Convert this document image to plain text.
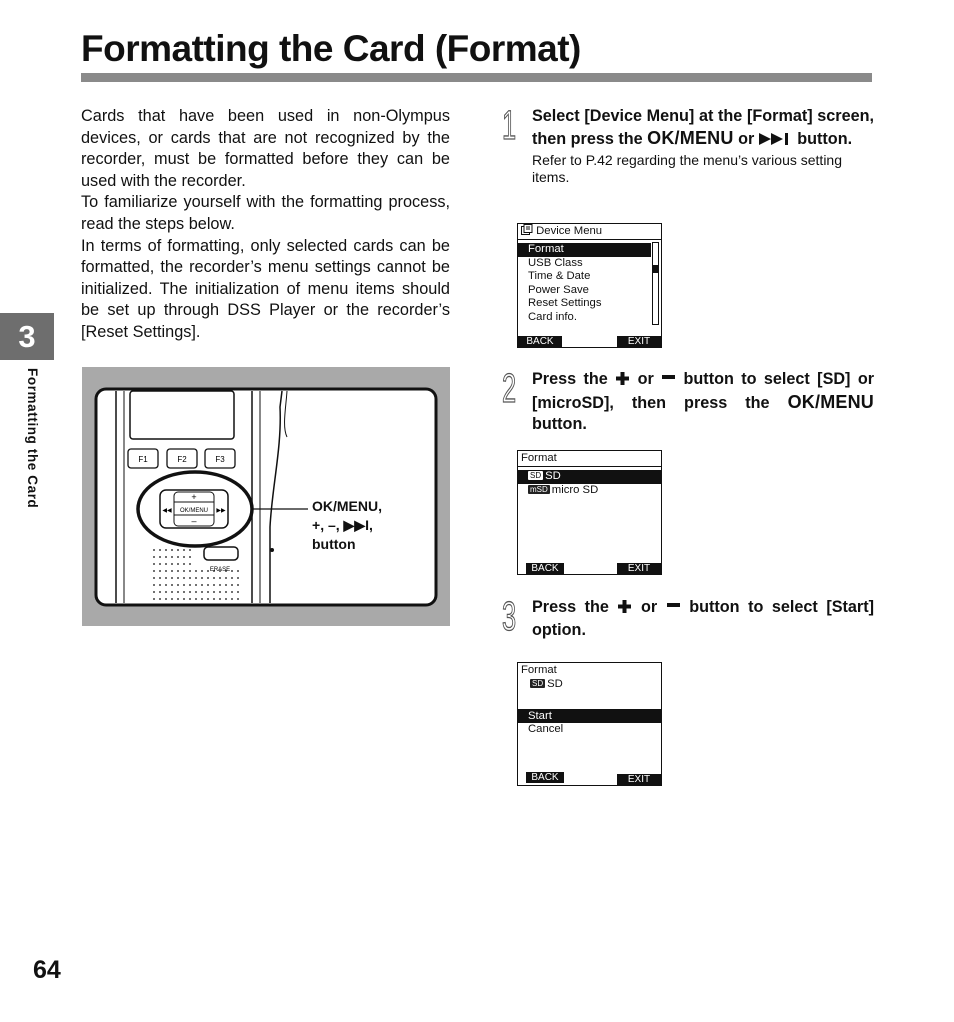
Formatting the Card (Format)

Cards that have been used in non-Olympus devices, or cards that are not recognized by the recorder, must be formatted before they can be used with the recorder.

To familiarize yourself with the formatting process, read the steps below.

In terms of formatting, only selected cards can be formatted, the recorder’s menu settings cannot be initialized. The initialization of menu items should be set up through DSS Player or the recorder’s [Reset Settings].

3
Formatting the Card
64
F1	F2	F3
+
OK/MENU
–
◀◀	▶▶
ERASE
OK/MENU,
+, –, ▶▶I,
button
1 Select [Device Menu] at the [Format] screen, then press the OK/MENU or	button.
Refer to P.42 regarding the menu’s various setting items.
Device Menu
Format
USB Class
Time & Date
Power Save
Reset Settings
Card info.
BACK	EXIT
2 Press the or button to select [SD] or [microSD], then press the OK/MENU button.
Format
SD SD
mSD micro SD
BACK	EXIT
3 Press the or button to select [Start] option.
Format
SD SD
Start
Cancel
BACK	EXIT
